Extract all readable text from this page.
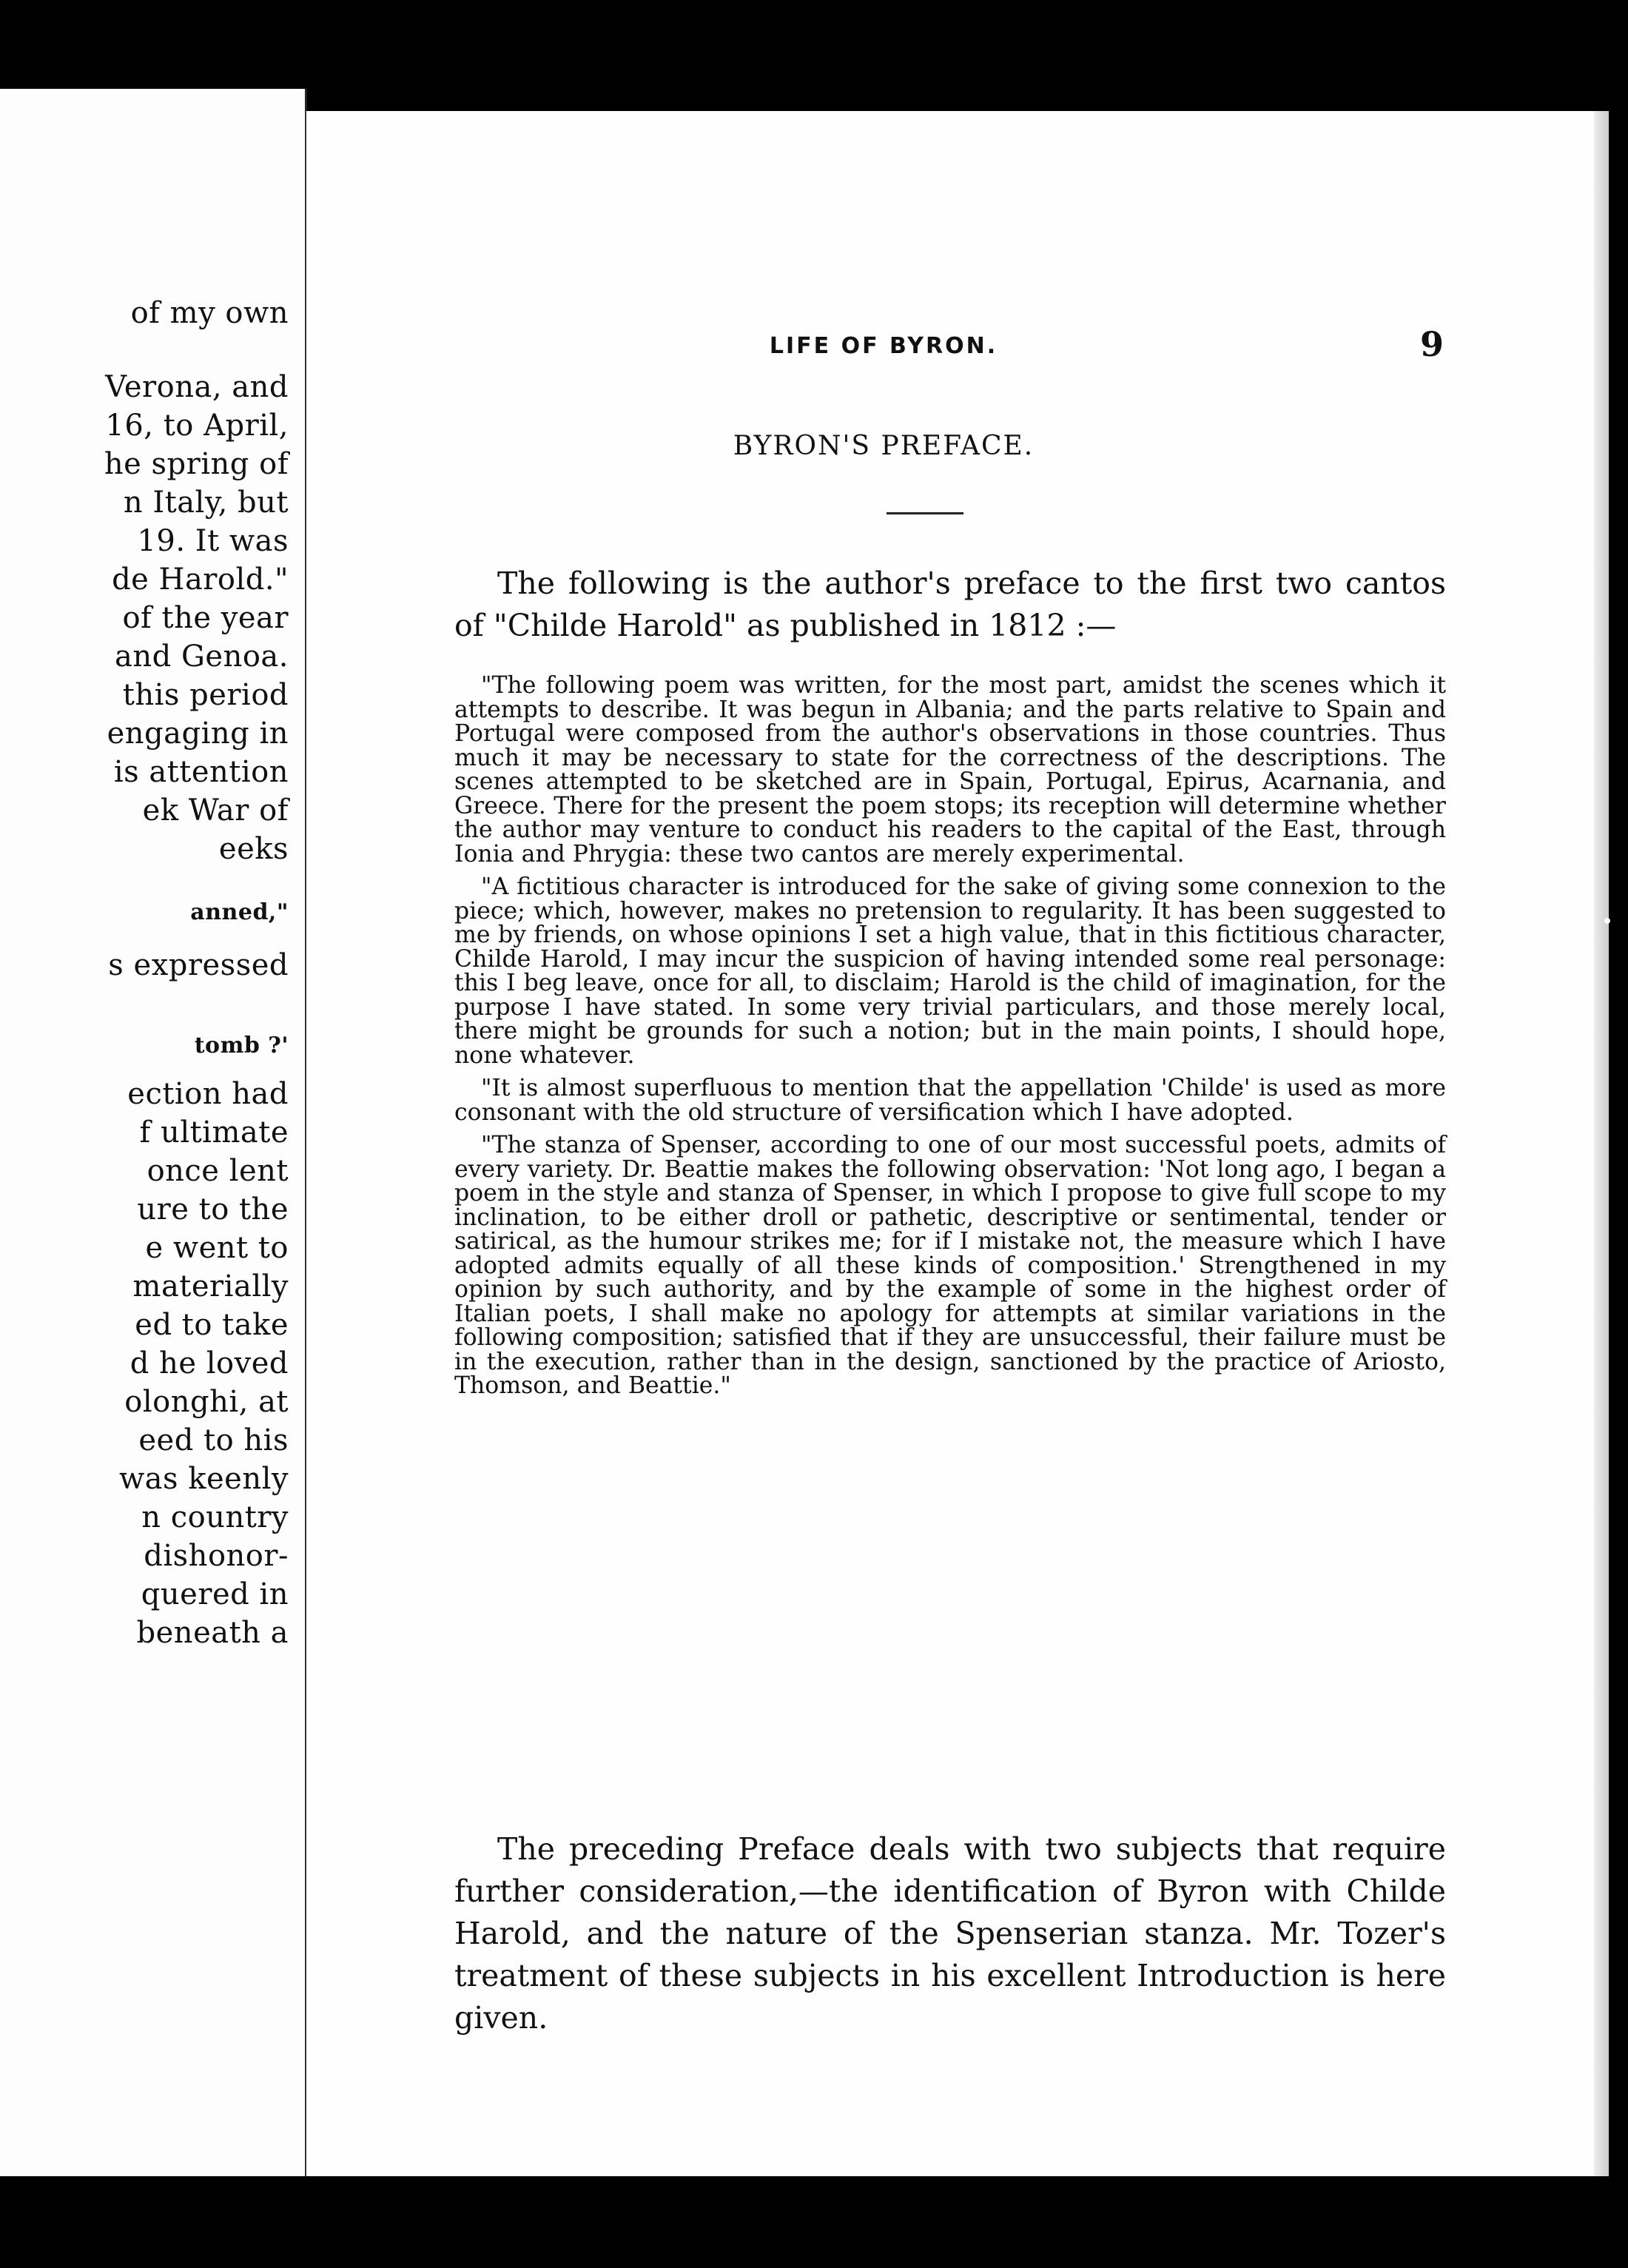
of my own
Verona, and
16, to April,
he spring of
n Italy, but
19. It was
de Harold."
of the year
and Genoa.
this period
engaging in
is attention
ek War of
eeks
anned,"
s expressed
tomb ?'
ection had
f ultimate
once lent
ure to the
e went to
materially
ed to take
d he loved
olonghi, at
eed to his
was keenly
n country
dishonor-
quered in
beneath a
LIFE OF BYRON.	9
BYRON'S PREFACE.

The following is the author's preface to the first two cantos of "Childe Harold" as published in 1812 :—

"The following poem was written, for the most part, amidst the scenes which it attempts to describe. It was begun in Albania; and the parts relative to Spain and Portugal were composed from the author's observations in those countries. Thus much it may be necessary to state for the correctness of the descriptions. The scenes attempted to be sketched are in Spain, Portugal, Epirus, Acarnania, and Greece. There for the present the poem stops; its reception will determine whether the author may venture to conduct his readers to the capital of the East, through Ionia and Phrygia: these two cantos are merely experimental.

"A fictitious character is introduced for the sake of giving some connexion to the piece; which, however, makes no pretension to regularity. It has been suggested to me by friends, on whose opinions I set a high value, that in this fictitious character, Childe Harold, I may incur the suspicion of having intended some real personage: this I beg leave, once for all, to disclaim; Harold is the child of imagination, for the purpose I have stated. In some very trivial particulars, and those merely local, there might be grounds for such a notion; but in the main points, I should hope, none whatever.

"It is almost superfluous to mention that the appellation 'Childe' is used as more consonant with the old structure of versification which I have adopted.

"The stanza of Spenser, according to one of our most successful poets, admits of every variety. Dr. Beattie makes the following observation: 'Not long ago, I began a poem in the style and stanza of Spenser, in which I propose to give full scope to my inclination, to be either droll or pathetic, descriptive or sentimental, tender or satirical, as the humour strikes me; for if I mistake not, the measure which I have adopted admits equally of all these kinds of composition.' Strengthened in my opinion by such authority, and by the example of some in the highest order of Italian poets, I shall make no apology for attempts at similar variations in the following composition; satisfied that if they are unsuccessful, their failure must be in the execution, rather than in the design, sanctioned by the practice of Ariosto, Thomson, and Beattie."

The preceding Preface deals with two subjects that require further consideration,—the identification of Byron with Childe Harold, and the nature of the Spenserian stanza. Mr. Tozer's treatment of these subjects in his excellent Introduction is here given.
